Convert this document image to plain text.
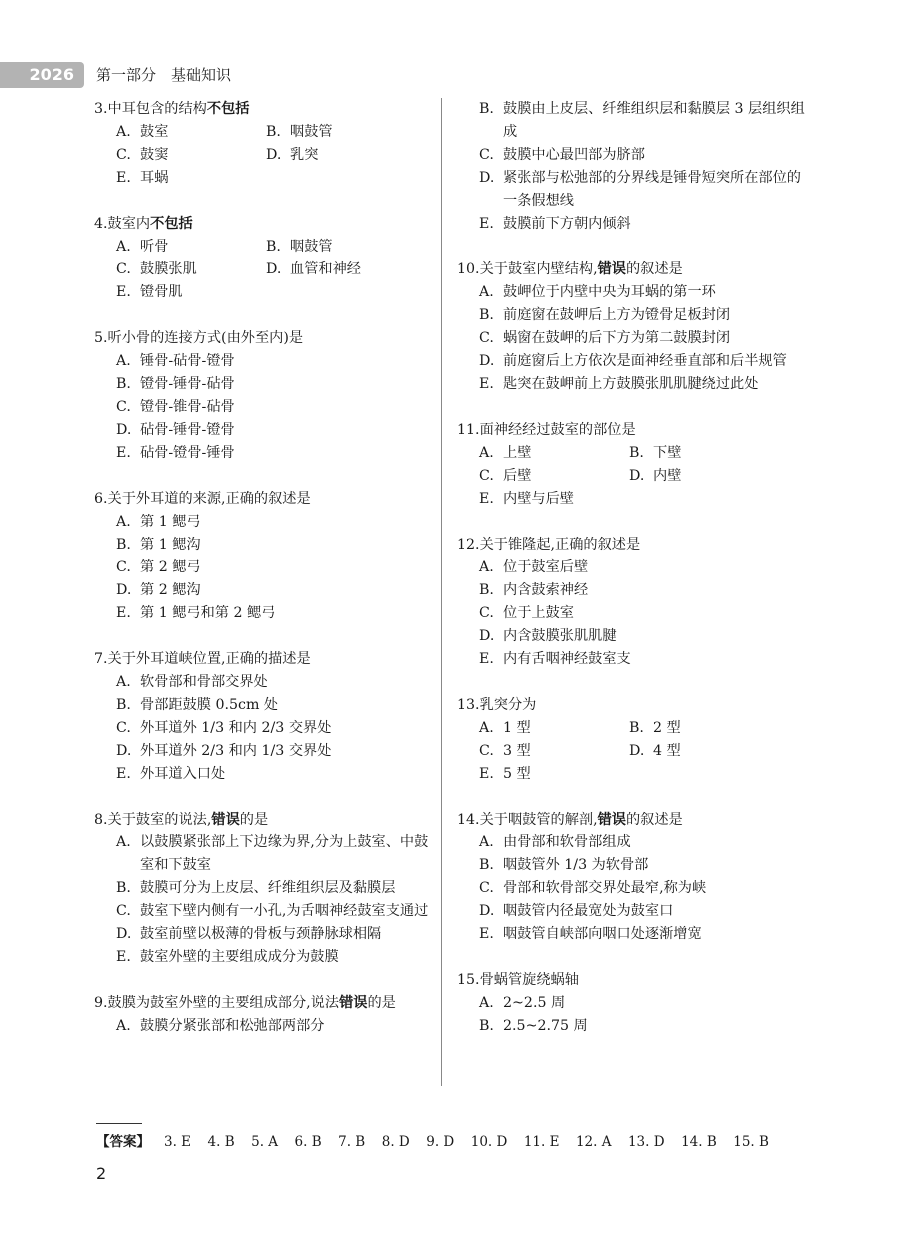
2026	第一部分　基础知识
3. 中耳包含的结构不包括
A. 鼓室	B. 咽鼓管
C. 鼓窦	D. 乳突
E. 耳蜗
4. 鼓室内不包括
A. 听骨	B. 咽鼓管
C. 鼓膜张肌	D. 血管和神经
E. 镫骨肌
5. 听小骨的连接方式(由外至内)是
A. 锤骨-砧骨-镫骨
B. 镫骨-锤骨-砧骨
C. 镫骨-锥骨-砧骨
D. 砧骨-锤骨-镫骨
E. 砧骨-镫骨-锤骨
6. 关于外耳道的来源,正确的叙述是
A. 第 1 鳃弓
B. 第 1 鳃沟
C. 第 2 鳃弓
D. 第 2 鳃沟
E. 第 1 鳃弓和第 2 鳃弓
7. 关于外耳道峡位置,正确的描述是
A. 软骨部和骨部交界处
B. 骨部距鼓膜 0.5cm 处
C. 外耳道外 1/3 和内 2/3 交界处
D. 外耳道外 2/3 和内 1/3 交界处
E. 外耳道入口处
8. 关于鼓室的说法,错误的是
A. 以鼓膜紧张部上下边缘为界,分为上鼓室、中鼓室和下鼓室
B. 鼓膜可分为上皮层、纤维组织层及黏膜层
C. 鼓室下壁内侧有一小孔,为舌咽神经鼓室支通过
D. 鼓室前壁以极薄的骨板与颈静脉球相隔
E. 鼓室外壁的主要组成成分为鼓膜
9. 鼓膜为鼓室外壁的主要组成部分,说法错误的是
A. 鼓膜分紧张部和松弛部两部分
B. 鼓膜由上皮层、纤维组织层和黏膜层 3 层组织组成
C. 鼓膜中心最凹部为脐部
D. 紧张部与松弛部的分界线是锤骨短突所在部位的一条假想线
E. 鼓膜前下方朝内倾斜
10. 关于鼓室内壁结构,错误的叙述是
A. 鼓岬位于内壁中央为耳蜗的第一环
B. 前庭窗在鼓岬后上方为镫骨足板封闭
C. 蜗窗在鼓岬的后下方为第二鼓膜封闭
D. 前庭窗后上方依次是面神经垂直部和后半规管
E. 匙突在鼓岬前上方鼓膜张肌肌腱绕过此处
11. 面神经经过鼓室的部位是
A. 上壁	B. 下壁
C. 后壁	D. 内壁
E. 内壁与后壁
12. 关于锥隆起,正确的叙述是
A. 位于鼓室后壁
B. 内含鼓索神经
C. 位于上鼓室
D. 内含鼓膜张肌肌腱
E. 内有舌咽神经鼓室支
13. 乳突分为
A. 1 型	B. 2 型
C. 3 型	D. 4 型
E. 5 型
14. 关于咽鼓管的解剖,错误的叙述是
A. 由骨部和软骨部组成
B. 咽鼓管外 1/3 为软骨部
C. 骨部和软骨部交界处最窄,称为峡
D. 咽鼓管内径最宽处为鼓室口
E. 咽鼓管自峡部向咽口处逐渐增宽
15. 骨蜗管旋绕蜗轴
A. 2~2.5 周
B. 2.5~2.75 周
【答案】 3. E 4. B 5. A 6. B 7. B 8. D 9. D 10. D 11. E 12. A 13. D 14. B 15. B
2
